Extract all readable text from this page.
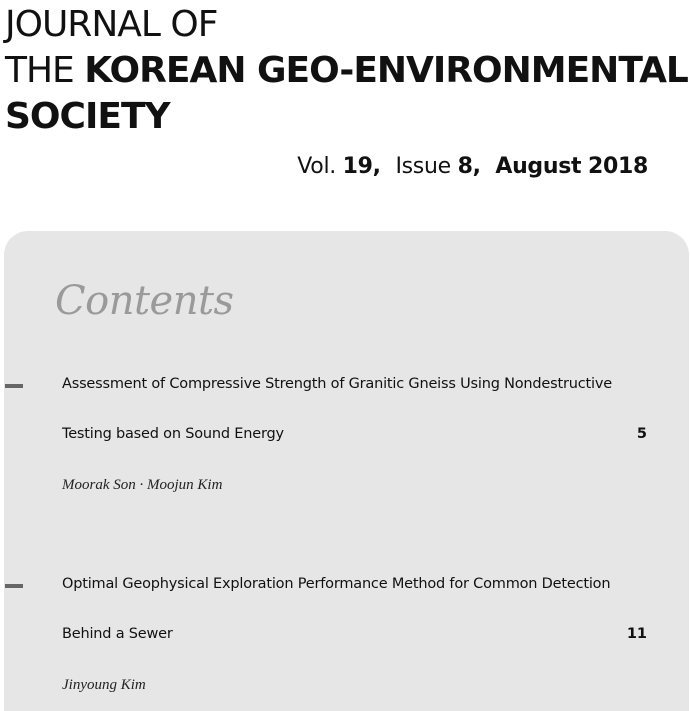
JOURNAL OF
THE KOREAN GEO-ENVIRONMENTAL
SOCIETY
Vol. 19, Issue 8, August 2018
Contents
Assessment of Compressive Strength of Granitic Gneiss Using Nondestructive
Testing based on Sound Energy	5
Moorak Son · Moojun Kim
Optimal Geophysical Exploration Performance Method for Common Detection
Behind a Sewer	11
Jinyoung Kim
